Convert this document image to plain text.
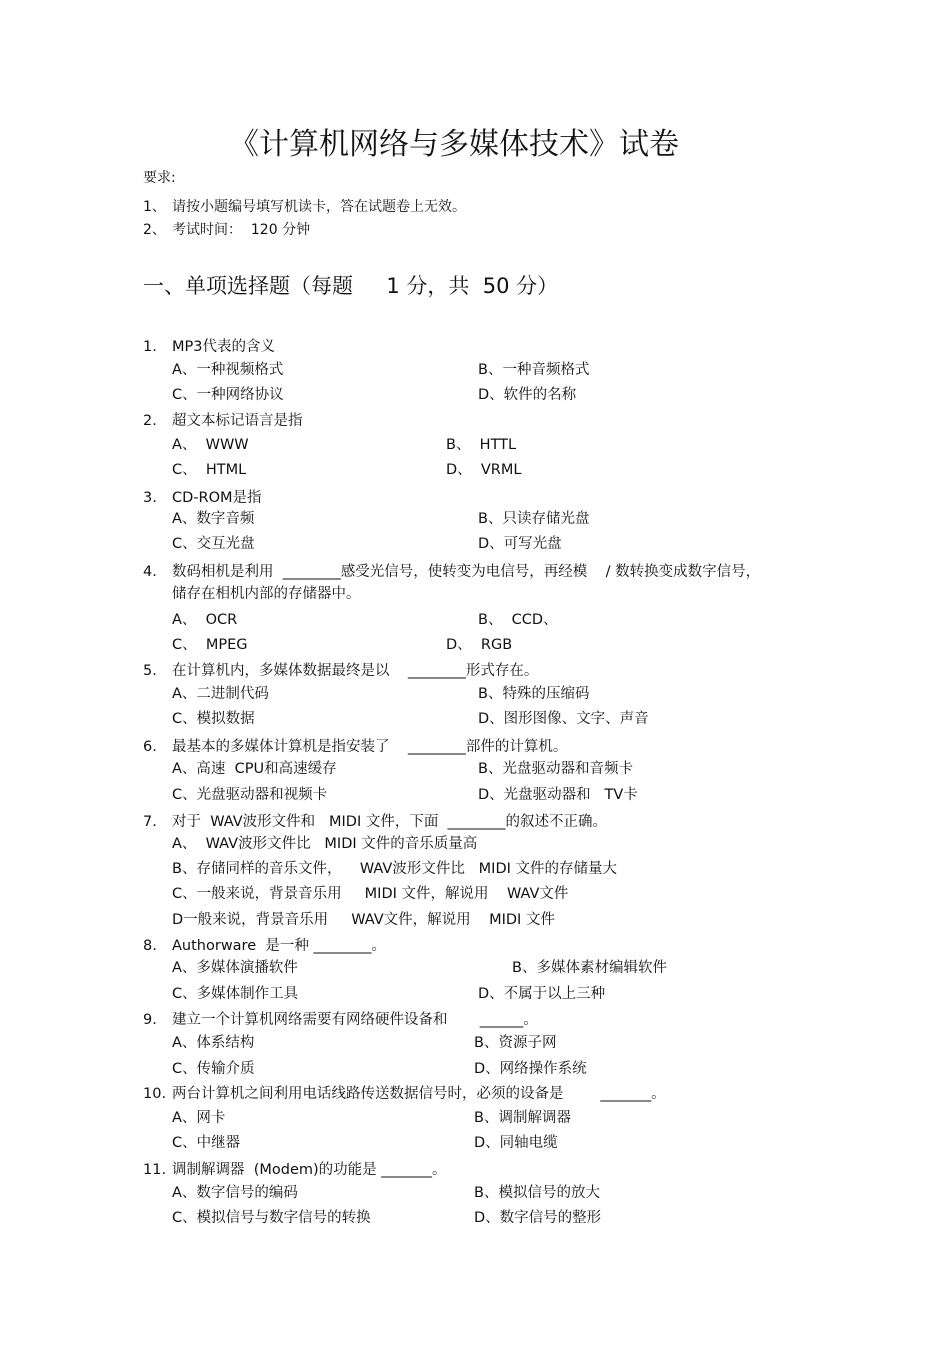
《计算机网络与多媒体技术》试卷
要求:
1、 请按小题编号填写机读卡，答在试题卷上无效。
2、 考试时间：  120 分钟
一、单项选择题（每题     1 分，共  50 分）
1. MP3代表的含义
A、一种视频格式	B、一种音频格式
C、一种网络协议	D、软件的名称
2. 超文本标记语言是指
A、  WWW	B、  HTTL
C、  HTML	D、  VRML
3. CD-ROM是指
A、数字音频	B、只读存储光盘
C、交互光盘	D、可写光盘
4. 数码相机是利用  ________感受光信号，使转变为电信号，再经模    / 数转换变成数字信号，
储存在相机内部的存储器中。
A、  OCR	B、  CCD、
C、  MPEG	D、  RGB
5. 在计算机内，多媒体数据最终是以    ________形式存在。
A、二进制代码	B、特殊的压缩码
C、模拟数据	D、图形图像、文字、声音
6. 最基本的多媒体计算机是指安装了    ________部件的计算机。
A、高速  CPU和高速缓存	B、光盘驱动器和音频卡
C、光盘驱动器和视频卡	D、光盘驱动器和   TV卡
7. 对于  WAV波形文件和   MIDI 文件，下面  ________的叙述不正确。
A、  WAV波形文件比   MIDI 文件的音乐质量高
B、存储同样的音乐文件，    WAV波形文件比   MIDI 文件的存储量大
C、一般来说，背景音乐用     MIDI 文件，解说用    WAV文件
D一般来说，背景音乐用     WAV文件，解说用    MIDI 文件
8. Authorware  是一种 ________。
A、多媒体演播软件	B、多媒体素材编辑软件
C、多媒体制作工具	D、不属于以上三种
9. 建立一个计算机网络需要有网络硬件设备和       ______。
A、体系结构	B、资源子网
C、传输介质	D、网络操作系统
10. 两台计算机之间利用电话线路传送数据信号时，必须的设备是        _______。
A、网卡	B、调制解调器
C、中继器	D、同轴电缆
11. 调制解调器  (Modem)的功能是 _______。
A、数字信号的编码	B、模拟信号的放大
C、模拟信号与数字信号的转换	D、数字信号的整形
